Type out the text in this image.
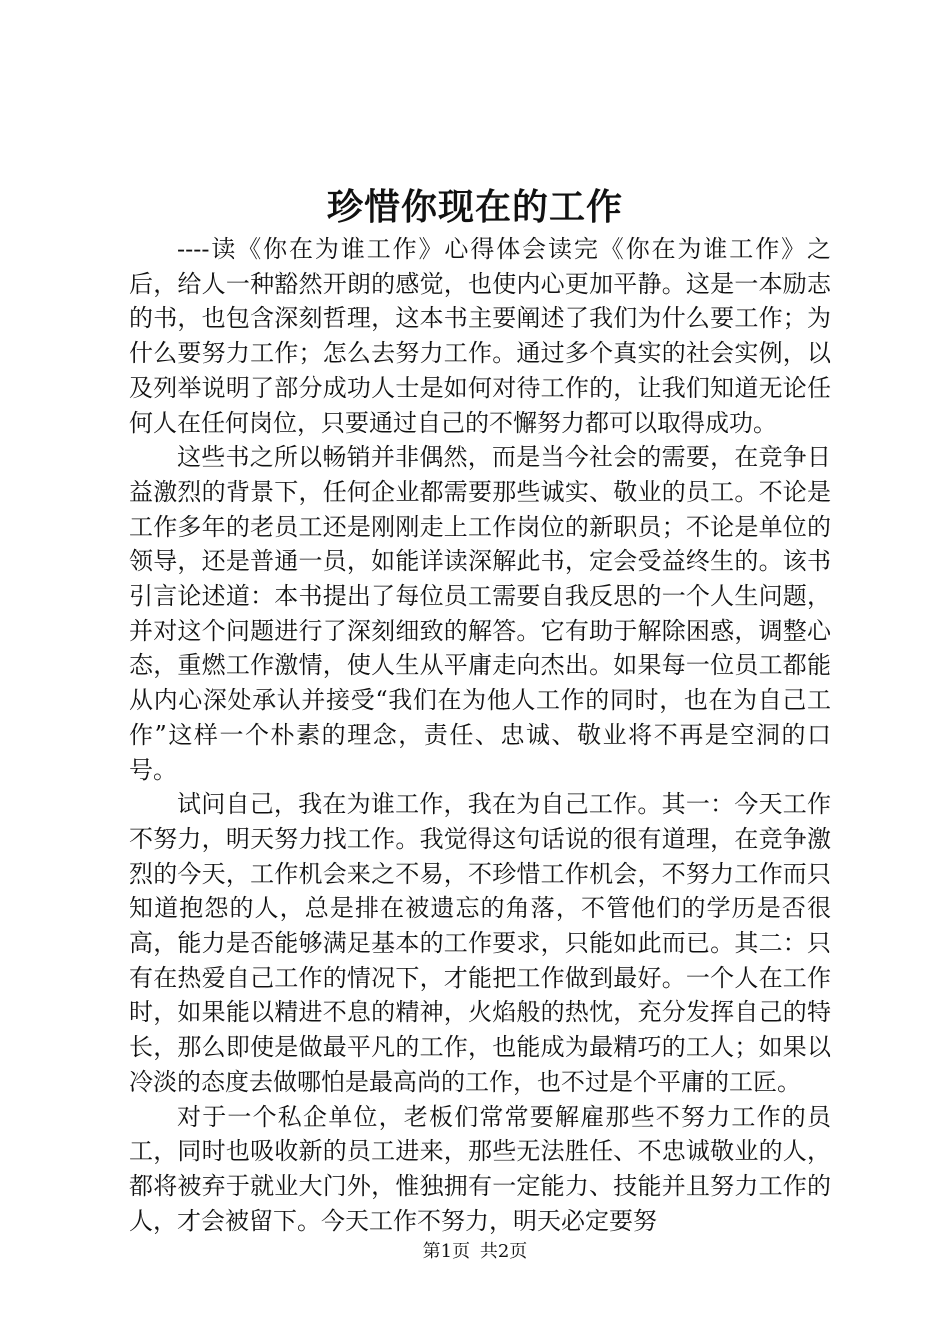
珍惜你现在的工作

----读《你在为谁工作》心得体会读完《你在为谁工作》之后，给人一种豁然开朗的感觉，也使内心更加平静。这是一本励志的书，也包含深刻哲理，这本书主要阐述了我们为什么要工作；为什么要努力工作；怎么去努力工作。通过多个真实的社会实例，以及列举说明了部分成功人士是如何对待工作的，让我们知道无论任何人在任何岗位，只要通过自己的不懈努力都可以取得成功。

这些书之所以畅销并非偶然，而是当今社会的需要，在竞争日益激烈的背景下，任何企业都需要那些诚实、敬业的员工。不论是工作多年的老员工还是刚刚走上工作岗位的新职员；不论是单位的领导，还是普通一员，如能详读深解此书，定会受益终生的。该书引言论述道：本书提出了每位员工需要自我反思的一个人生问题，并对这个问题进行了深刻细致的解答。它有助于解除困惑，调整心态，重燃工作激情，使人生从平庸走向杰出。如果每一位员工都能从内心深处承认并接受“我们在为他人工作的同时，也在为自己工作”这样一个朴素的理念，责任、忠诚、敬业将不再是空洞的口号。

试问自己，我在为谁工作，我在为自己工作。其一：今天工作不努力，明天努力找工作。我觉得这句话说的很有道理，在竞争激烈的今天，工作机会来之不易，不珍惜工作机会，不努力工作而只知道抱怨的人，总是排在被遗忘的角落，不管他们的学历是否很高，能力是否能够满足基本的工作要求，只能如此而已。其二：只有在热爱自己工作的情况下，才能把工作做到最好。一个人在工作时，如果能以精进不息的精神，火焰般的热忱，充分发挥自己的特长，那么即使是做最平凡的工作，也能成为最精巧的工人；如果以冷淡的态度去做哪怕是最高尚的工作，也不过是个平庸的工匠。

对于一个私企单位，老板们常常要解雇那些不努力工作的员工，同时也吸收新的员工进来，那些无法胜任、不忠诚敬业的人，都将被弃于就业大门外，惟独拥有一定能力、技能并且努力工作的人，才会被留下。今天工作不努力，明天必定要努

第1页 共2页
